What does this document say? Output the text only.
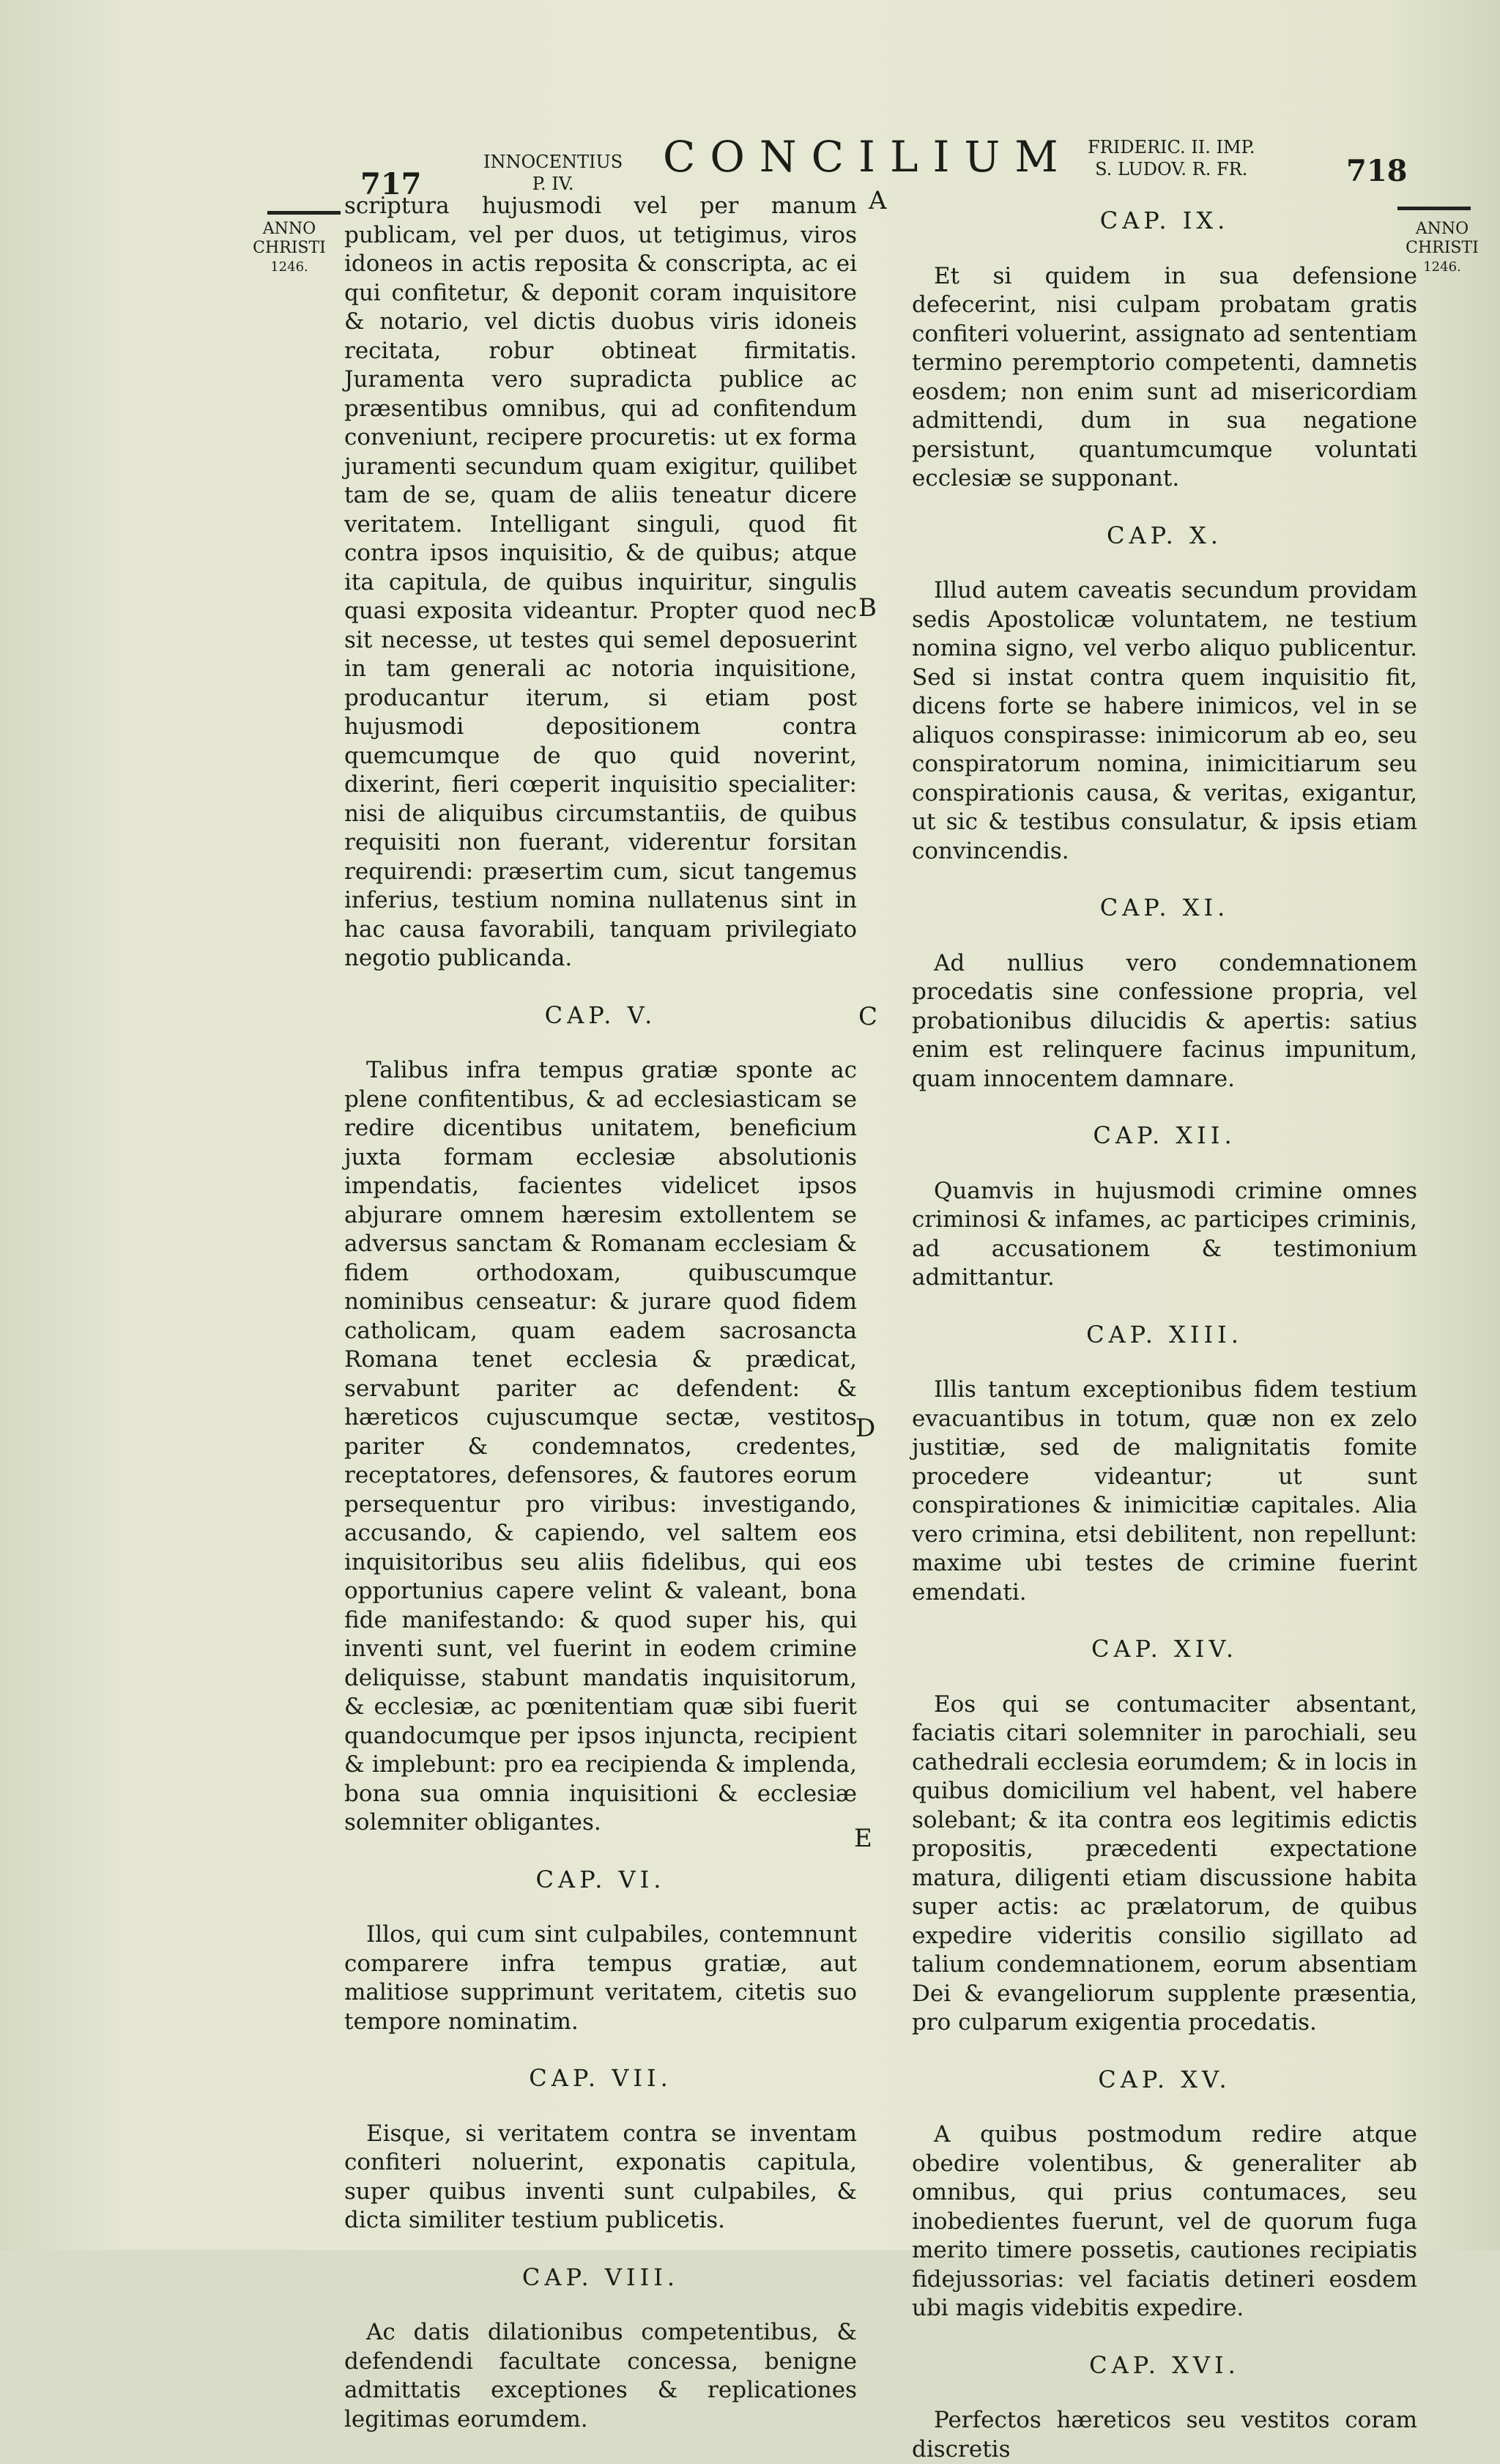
717
INNOCENTIUS
P. IV.
CONCILIUM FRIDERIC. II. IMP.
S. LUDOV. R. FR.	718
ANNO
CHRISTI
1246.
ANNO
CHRISTI
1246.
A
B
C
D
E

scriptura hujusmodi vel per manum publicam, vel per duos, ut tetigimus, viros idoneos in actis reposita & conscripta, ac ei qui confitetur, & deponit coram inquisitore & notario, vel dictis duobus viris idoneis recitata, robur obtineat firmitatis. Juramenta vero supradicta publice ac præsentibus omnibus, qui ad confitendum conveniunt, recipere procuretis: ut ex forma juramenti secundum quam exigitur, quilibet tam de se, quam de aliis teneatur dicere veritatem. Intelligant singuli, quod fit contra ipsos inquisitio, & de quibus; atque ita capitula, de quibus inquiritur, singulis quasi exposita videantur. Propter quod nec sit necesse, ut testes qui semel deposuerint in tam generali ac notoria inquisitione, producantur iterum, si etiam post hujusmodi depositionem contra quemcumque de quo quid noverint, dixerint, fieri cœperit inquisitio specialiter: nisi de aliquibus circumstantiis, de quibus requisiti non fuerant, viderentur forsitan requirendi: præsertim cum, sicut tangemus inferius, testium nomina nullatenus sint in hac causa favorabili, tanquam privilegiato negotio publicanda.

CAP. V.

Talibus infra tempus gratiæ sponte ac plene confitentibus, & ad ecclesiasticam se redire dicentibus unitatem, beneficium juxta formam ecclesiæ absolutionis impendatis, facientes videlicet ipsos abjurare omnem hæresim extollentem se adversus sanctam & Romanam ecclesiam & fidem orthodoxam, quibuscumque nominibus censeatur: & jurare quod fidem catholicam, quam eadem sacrosancta Romana tenet ecclesia & prædicat, servabunt pariter ac defendent: & hæreticos cujuscumque sectæ, vestitos pariter & condemnatos, credentes, receptatores, defensores, & fautores eorum persequentur pro viribus: investigando, accusando, & capiendo, vel saltem eos inquisitoribus seu aliis fidelibus, qui eos opportunius capere velint & valeant, bona fide manifestando: & quod super his, qui inventi sunt, vel fuerint in eodem crimine deliquisse, stabunt mandatis inquisitorum, & ecclesiæ, ac pœnitentiam quæ sibi fuerit quandocumque per ipsos injuncta, recipient & implebunt: pro ea recipienda & implenda, bona sua omnia inquisitioni & ecclesiæ solemniter obligantes.

CAP. VI.

Illos, qui cum sint culpabiles, contemnunt comparere infra tempus gratiæ, aut malitiose supprimunt veritatem, citetis suo tempore nominatim.

CAP. VII.

Eisque, si veritatem contra se inventam confiteri noluerint, exponatis capitula, super quibus inventi sunt culpabiles, & dicta similiter testium publicetis.

CAP. VIII.

Ac datis dilationibus competentibus, & defendendi facultate concessa, benigne admittatis exceptiones & replicationes legitimas eorumdem.

CAP. IX.

Et si quidem in sua defensione defecerint, nisi culpam probatam gratis confiteri voluerint, assignato ad sententiam termino peremptorio competenti, damnetis eosdem; non enim sunt ad misericordiam admittendi, dum in sua negatione persistunt, quantumcumque voluntati ecclesiæ se supponant.

CAP. X.

Illud autem caveatis secundum providam sedis Apostolicæ voluntatem, ne testium nomina signo, vel verbo aliquo publicentur. Sed si instat contra quem inquisitio fit, dicens forte se habere inimicos, vel in se aliquos conspirasse: inimicorum ab eo, seu conspiratorum nomina, inimicitiarum seu conspirationis causa, & veritas, exigantur, ut sic & testibus consulatur, & ipsis etiam convincendis.

CAP. XI.

Ad nullius vero condemnationem procedatis sine confessione propria, vel probationibus dilucidis & apertis: satius enim est relinquere facinus impunitum, quam innocentem damnare.

CAP. XII.

Quamvis in hujusmodi crimine omnes criminosi & infames, ac participes criminis, ad accusationem & testimonium admittantur.

CAP. XIII.

Illis tantum exceptionibus fidem testium evacuantibus in totum, quæ non ex zelo justitiæ, sed de malignitatis fomite procedere videantur; ut sunt conspirationes & inimicitiæ capitales. Alia vero crimina, etsi debilitent, non repellunt: maxime ubi testes de crimine fuerint emendati.

CAP. XIV.

Eos qui se contumaciter absentant, faciatis citari solemniter in parochiali, seu cathedrali ecclesia eorumdem; & in locis in quibus domicilium vel habent, vel habere solebant; & ita contra eos legitimis edictis propositis, præcedenti expectatione matura, diligenti etiam discussione habita super actis: ac prælatorum, de quibus expedire videritis consilio sigillato ad talium condemnationem, eorum absentiam Dei & evangeliorum supplente præsentia, pro culparum exigentia procedatis.

CAP. XV.

A quibus postmodum redire atque obedire volentibus, & generaliter ab omnibus, qui prius contumaces, seu inobedientes fuerunt, vel de quorum fuga merito timere possetis, cautiones recipiatis fidejussorias: vel faciatis detineri eosdem ubi magis videbitis expedire.

CAP. XVI.

Perfectos hæreticos seu vestitos coram discretis
